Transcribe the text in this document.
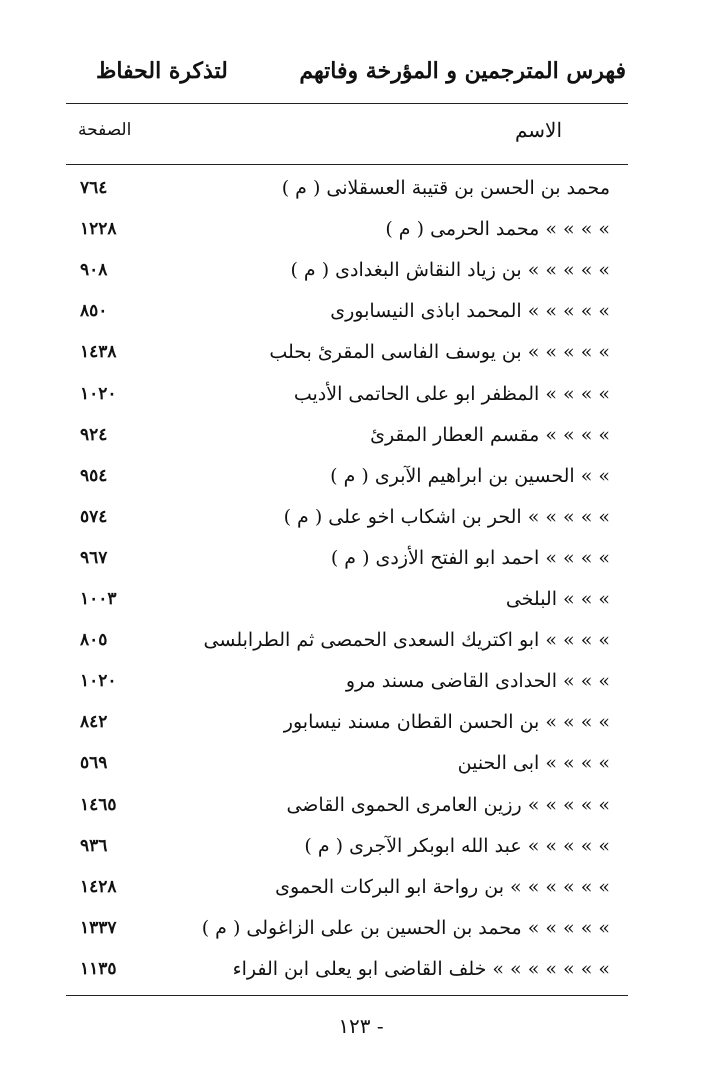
فهرس المترجمين و المؤرخة وفاتهم
لتذكرة الحفاظ
الاسم
الصفحة
محمد بن الحسن بن قتيبة العسقلانى ( م )
٧٦٤
» » » » محمد الحرمى ( م )
١٢٢٨
» » » » » بن زياد النقاش البغدادى ( م )
٩٠٨
» » » » » المحمد اباذى النيسابورى
٨٥٠
» » » » » بن يوسف الفاسى المقرئ بحلب
١٤٣٨
» » » » المظفر ابو على الحاتمى الأديب
١٠٢٠
» » » » مقسم العطار المقرئ
٩٢٤
» » الحسين بن ابراهيم الآبرى ( م )
٩٥٤
» » » » » الحر بن اشكاب اخو على ( م )
٥٧٤
» » » » احمد ابو الفتح الأزدى ( م )
٩٦٧
» » » البلخى
١٠٠٣
» » » » ابو اكتريك السعدى الحمصى ثم الطرابلسى
٨٠٥
» » » الحدادى القاضى مسند مرو
١٠٢٠
» » » » بن الحسن القطان مسند نيسابور
٨٤٢
» » » » ابى الحنين
٥٦٩
» » » » » رزين العامرى الحموى القاضى
١٤٦٥
» » » » » عبد الله ابوبكر الآجرى ( م )
٩٣٦
» » » » » » بن رواحة ابو البركات الحموى
١٤٢٨
» » » » » محمد بن الحسين بن على الزاغولى ( م )
١٣٣٧
» » » » » » » خلف القاضى ابو يعلى ابن الفراء
١١٣٥
- ١٢٣
